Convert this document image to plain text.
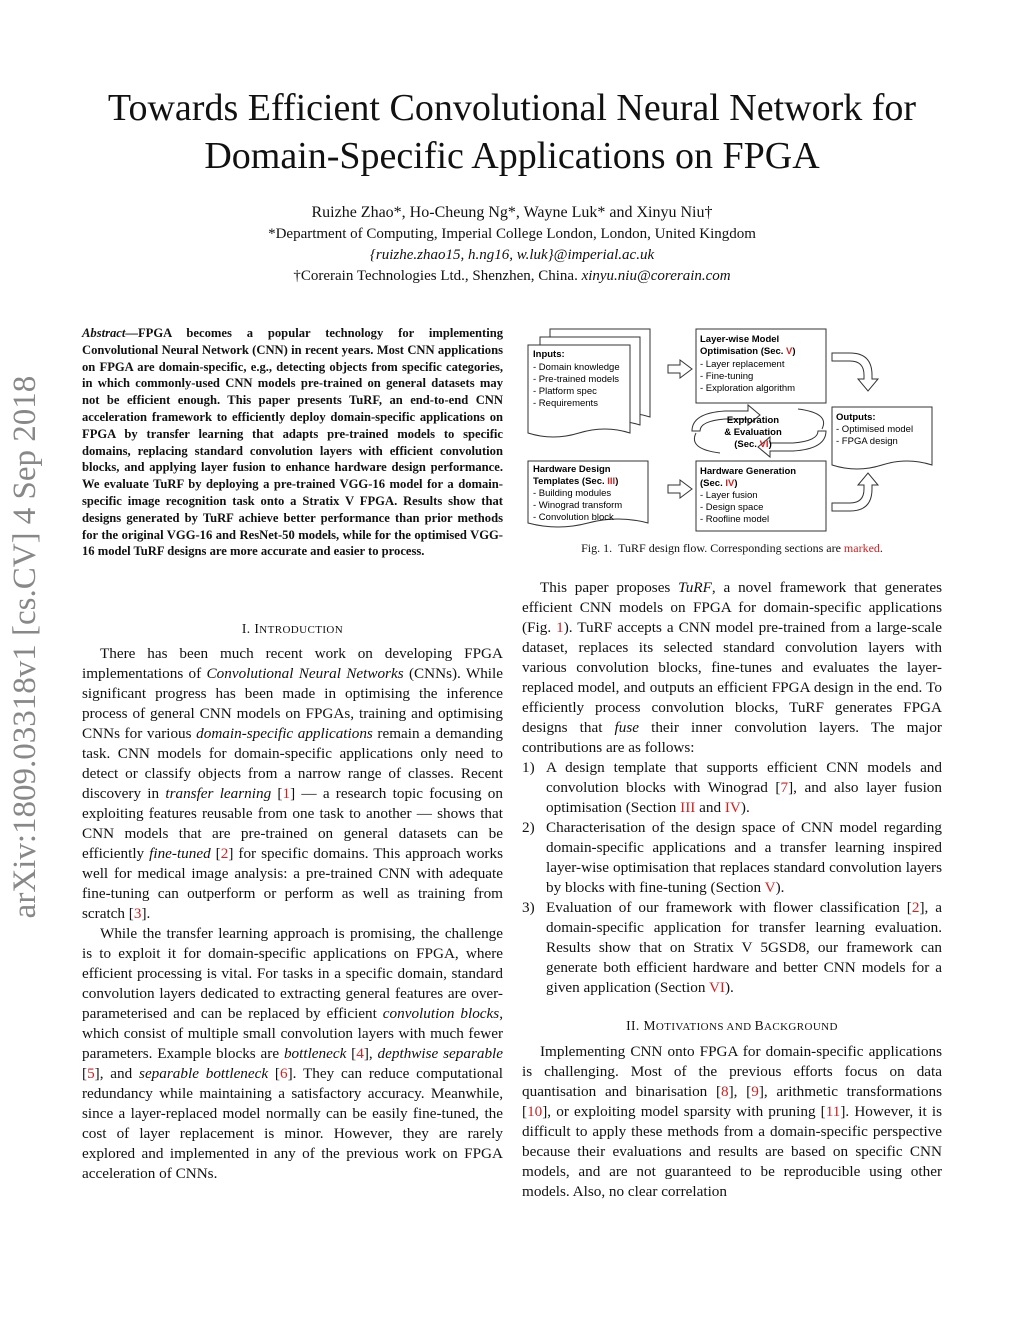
Towards Efficient Convolutional Neural Network for
Domain-Specific Applications on FPGA
Ruizhe Zhao*, Ho-Cheung Ng*, Wayne Luk* and Xinyu Niu†
*Department of Computing, Imperial College London, London, United Kingdom
{ruizhe.zhao15, h.ng16, w.luk}@imperial.ac.uk
†Corerain Technologies Ltd., Shenzhen, China. xinyu.niu@corerain.com
arXiv:1809.03318v1 [cs.CV] 4 Sep 2018
Abstract—FPGA becomes a popular technology for implementing Convolutional Neural Network (CNN) in recent years. Most CNN applications on FPGA are domain-specific, e.g., detecting objects from specific categories, in which commonly-used CNN models pre-trained on general datasets may not be efficient enough. This paper presents TuRF, an end-to-end CNN acceleration framework to efficiently deploy domain-specific applications on FPGA by transfer learning that adapts pre-trained models to specific domains, replacing standard convolution layers with efficient convolution blocks, and applying layer fusion to enhance hardware design performance. We evaluate TuRF by deploying a pre-trained VGG-16 model for a domain-specific image recognition task onto a Stratix V FPGA. Results show that designs generated by TuRF achieve better performance than prior methods for the original VGG-16 and ResNet-50 models, while for the optimised VGG-16 model TuRF designs are more accurate and easier to process.
I. INTRODUCTION

There has been much recent work on developing FPGA implementations of Convolutional Neural Networks (CNNs). While significant progress has been made in optimising the inference process of general CNN models on FPGAs, training and optimising CNNs for various domain-specific applications remain a demanding task. CNN models for domain-specific applications only need to detect or classify objects from a narrow range of classes. Recent discovery in transfer learning [1] — a research topic focusing on exploiting features reusable from one task to another — shows that CNN models that are pre-trained on general datasets can be efficiently fine-tuned [2] for specific domains. This approach works well for medical image analysis: a pre-trained CNN with adequate fine-tuning can outperform or perform as well as training from scratch [3].

While the transfer learning approach is promising, the challenge is to exploit it for domain-specific applications on FPGA, where efficient processing is vital. For tasks in a specific domain, standard convolution layers dedicated to extracting general features are over-parameterised and can be replaced by efficient convolution blocks, which consist of multiple small convolution layers with much fewer parameters. Example blocks are bottleneck [4], depthwise separable [5], and separable bottleneck [6]. They can reduce computational redundancy while maintaining a satisfactory accuracy. Meanwhile, since a layer-replaced model normally can be easily fine-tuned, the cost of layer replacement is minor. However, they are rarely explored and implemented in any of the previous work on FPGA acceleration of CNNs.

Inputs:
- Domain knowledge
- Pre-trained models
- Platform spec
- Requirements
Layer-wise Model
Optimisation (Sec. V)
- Layer replacement
- Fine-tuning
- Exploration algorithm
Exploration
& Evaluation
(Sec. VI)
Outputs:
- Optimised model
- FPGA design
Hardware Design
Templates (Sec. III)
- Building modules
- Winograd transform
- Convolution block
Hardware Generation
(Sec. IV)
- Layer fusion
- Design space
- Roofline model
Fig. 1. TuRF design flow. Corresponding sections are marked.

This paper proposes TuRF, a novel framework that generates efficient CNN models on FPGA for domain-specific applications (Fig. 1). TuRF accepts a CNN model pre-trained from a large-scale dataset, replaces its selected standard convolution layers with various convolution blocks, fine-tunes and evaluates the layer-replaced model, and outputs an efficient FPGA design in the end. To efficiently process convolution blocks, TuRF generates FPGA designs that fuse their inner convolution layers. The major contributions are as follows:

1) A design template that supports efficient CNN models and convolution blocks with Winograd [7], and also layer fusion optimisation (Section III and IV).

2) Characterisation of the design space of CNN model regarding domain-specific applications and a transfer learning inspired layer-wise optimisation that replaces standard convolution layers by blocks with fine-tuning (Section V).

3) Evaluation of our framework with flower classification [2], a domain-specific application for transfer learning evaluation. Results show that on Stratix V 5GSD8, our framework can generate both efficient hardware and better CNN models for a given application (Section VI).

II. MOTIVATIONS AND BACKGROUND

Implementing CNN onto FPGA for domain-specific applications is challenging. Most of the previous efforts focus on data quantisation and binarisation [8], [9], arithmetic transformations [10], or exploiting model sparsity with pruning [11]. However, it is difficult to apply these methods from a domain-specific perspective because their evaluations and results are based on specific CNN models, and are not guaranteed to be reproducible using other models. Also, no clear correlation
